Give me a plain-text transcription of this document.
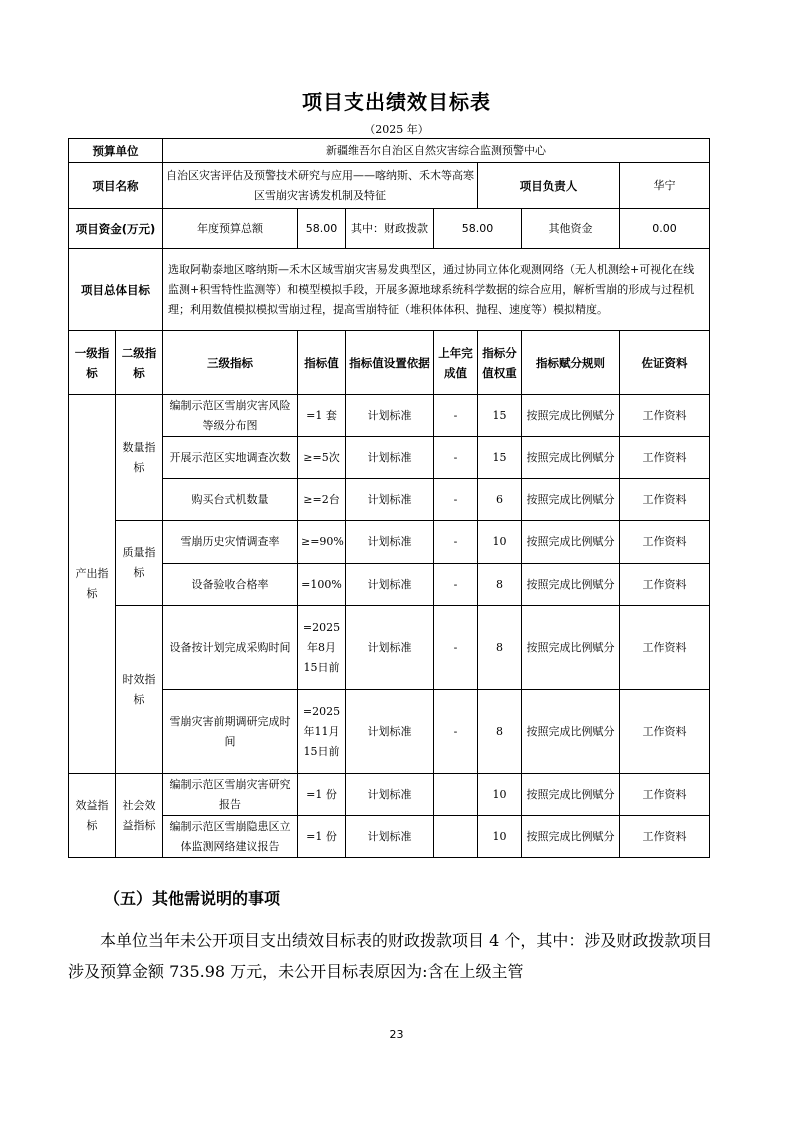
项目支出绩效目标表
（2025 年）
预算单位		新疆维吾尔自治区自然灾害综合监测预警中心						
项目名称		自治区灾害评估及预警技术研究与应用——喀纳斯、禾木等高寒区雪崩灾害诱发机制及特征				项目负责人		华宁
项目资金(万元)		年度预算总额	58.00	其中：财政拨款	58.00		其他资金	0.00
项目总体目标		选取阿勒泰地区喀纳斯—禾木区域雪崩灾害易发典型区，通过协同立体化观测网络（无人机测绘+可视化在线监测+积雪特性监测等）和模型模拟手段，开展多源地球系统科学数据的综合应用，解析雪崩的形成与过程机理；利用数值模拟模拟雪崩过程，提高雪崩特征（堆积体体积、抛程、速度等）模拟精度。						
一级指标	二级指标	三级指标	指标值	指标值设置依据	上年完成值	指标分值权重	指标赋分规则	佐证资料
产出指标	数量指标	编制示范区雪崩灾害风险等级分布图	=1 套	计划标准	-	15	按照完成比例赋分	工作资料
		开展示范区实地调查次数	≥=5次	计划标准	-	15	按照完成比例赋分	工作资料
		购买台式机数量	≥=2台	计划标准	-	6	按照完成比例赋分	工作资料
	质量指标	雪崩历史灾情调查率	≥=90%	计划标准	-	10	按照完成比例赋分	工作资料
		设备验收合格率	=100%	计划标准	-	8	按照完成比例赋分	工作资料
	时效指标	设备按计划完成采购时间	=2025年8月15日前	计划标准	-	8	按照完成比例赋分	工作资料
		雪崩灾害前期调研完成时间	=2025年11月15日前	计划标准	-	8	按照完成比例赋分	工作资料
效益指标	社会效益指标	编制示范区雪崩灾害研究报告	=1 份	计划标准		10	按照完成比例赋分	工作资料
		编制示范区雪崩隐患区立体监测网络建议报告	=1 份	计划标准		10	按照完成比例赋分	工作资料
（五）其他需说明的事项
本单位当年未公开项目支出绩效目标表的财政拨款项目 4 个，其中：涉及财政拨款项目涉及预算金额 735.98 万元，未公开目标表原因为:含在上级主管
23
